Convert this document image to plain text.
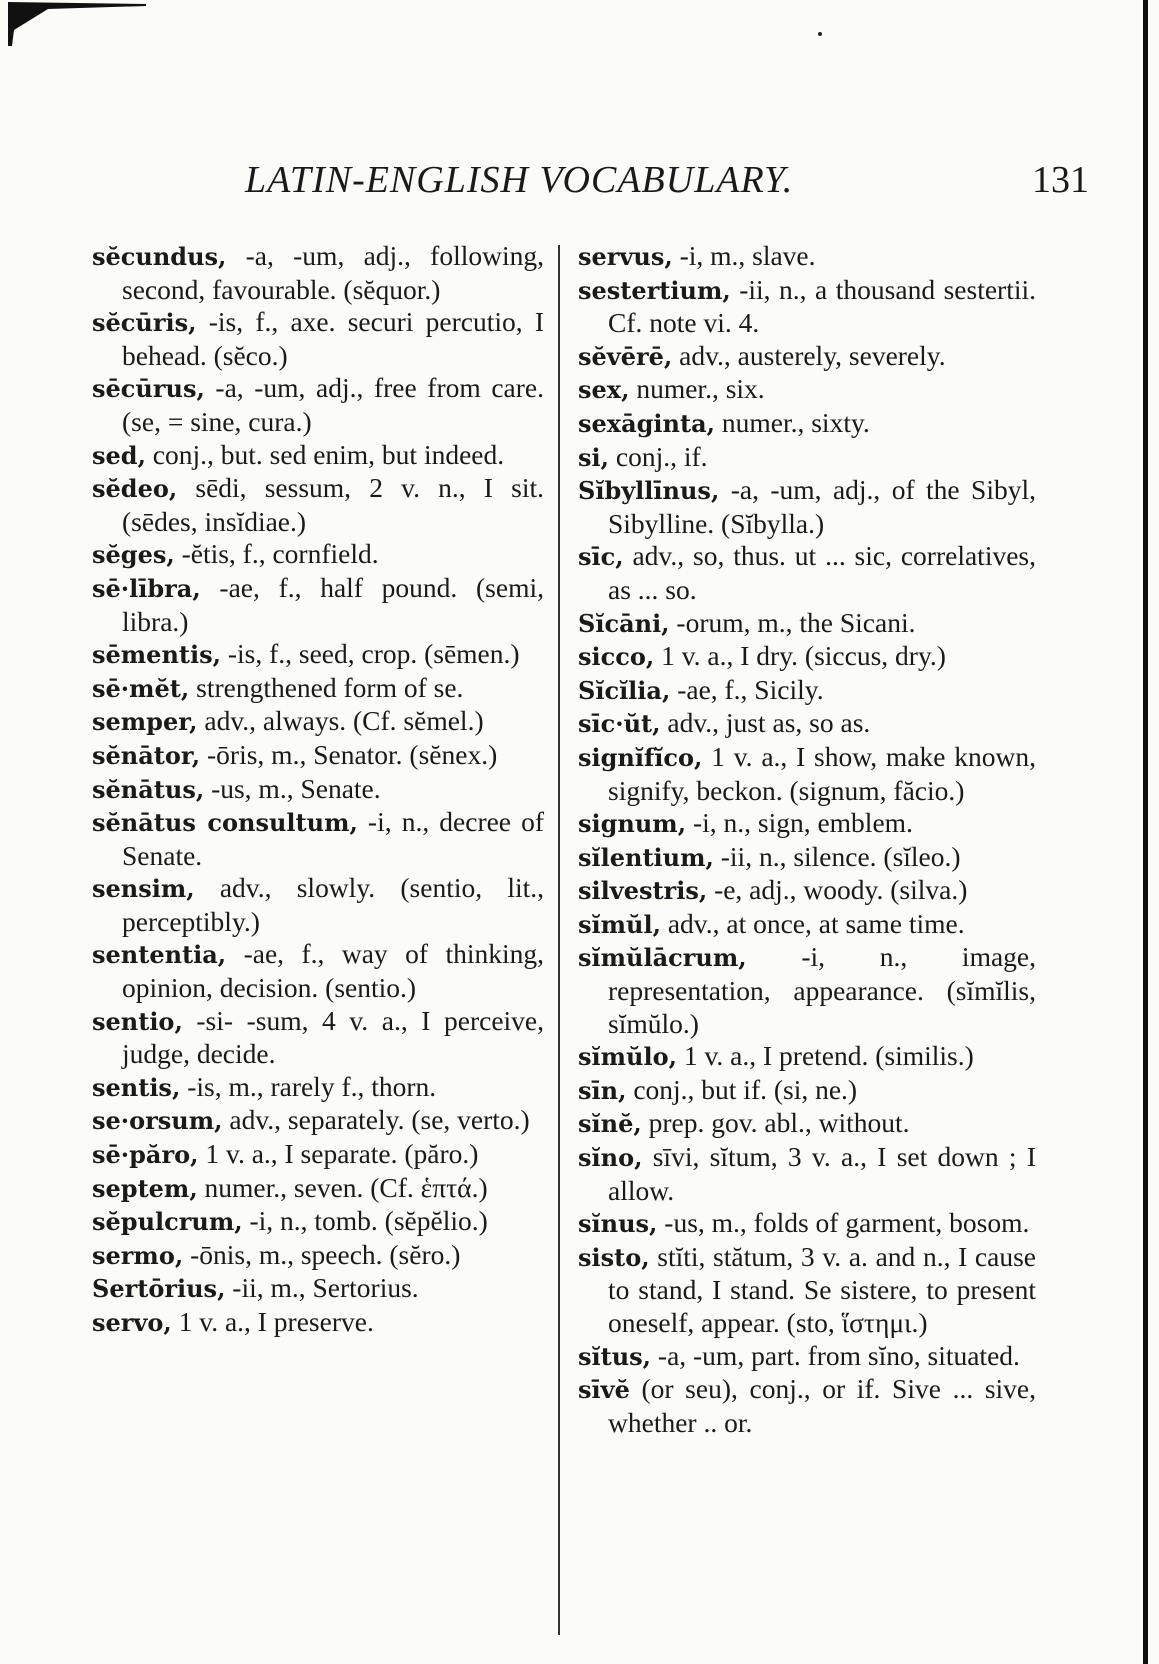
LATIN-ENGLISH VOCABULARY.	131

sĕcundus, -a, -um, adj., following, second, favourable. (sĕquor.)

sĕcūris, -is, f., axe. securi percutio, I behead. (sĕco.)

sēcūrus, -a, -um, adj., free from care. (se, = sine, cura.)

sed, conj., but. sed enim, but indeed.

sĕdeo, sēdi, sessum, 2 v. n., I sit. (sēdes, insĭdiae.)

sĕges, -ĕtis, f., cornfield.

sē·lībra, -ae, f., half pound. (semi, libra.)

sēmentis, -is, f., seed, crop. (sēmen.)

sē·mĕt, strengthened form of se.

semper, adv., always. (Cf. sĕmel.)

sĕnātor, -ōris, m., Senator. (sĕnex.)

sĕnātus, -us, m., Senate.

sĕnātus consultum, -i, n., decree of Senate.

sensim, adv., slowly. (sentio, lit., perceptibly.)

sententia, -ae, f., way of thinking, opinion, decision. (sentio.)

sentio, -si- -sum, 4 v. a., I perceive, judge, decide.

sentis, -is, m., rarely f., thorn.

se·orsum, adv., separately. (se, verto.)

sē·păro, 1 v. a., I separate. (păro.)

septem, numer., seven. (Cf. ἑπτά.)

sĕpulcrum, -i, n., tomb. (sĕpĕlio.)

sermo, -ōnis, m., speech. (sĕro.)

Sertōrius, -ii, m., Sertorius.

servo, 1 v. a., I preserve.

servus, -i, m., slave.

sestertium, -ii, n., a thousand sestertii. Cf. note vi. 4.

sĕvērē, adv., austerely, severely.

sex, numer., six.

sexāginta, numer., sixty.

si, conj., if.

Sĭbyllīnus, -a, -um, adj., of the Sibyl, Sibylline. (Sĭbylla.)

sīc, adv., so, thus. ut ... sic, correlatives, as ... so.

Sĭcāni, -orum, m., the Sicani.

sicco, 1 v. a., I dry. (siccus, dry.)

Sĭcĭlia, -ae, f., Sicily.

sīc·ŭt, adv., just as, so as.

signĭfĭco, 1 v. a., I show, make known, signify, beckon. (signum, făcio.)

signum, -i, n., sign, emblem.

sĭlentium, -ii, n., silence. (sĭleo.)

silvestris, -e, adj., woody. (silva.)

sĭmŭl, adv., at once, at same time.

sĭmŭlācrum, -i, n., image, representation, appearance. (sĭmĭlis, sĭmŭlo.)

sĭmŭlo, 1 v. a., I pretend. (similis.)

sīn, conj., but if. (si, ne.)

sĭnĕ, prep. gov. abl., without.

sĭno, sīvi, sĭtum, 3 v. a., I set down ; I allow.

sĭnus, -us, m., folds of garment, bosom.

sisto, stĭti, stătum, 3 v. a. and n., I cause to stand, I stand. Se sistere, to present oneself, appear. (sto, ἵστημι.)

sĭtus, -a, -um, part. from sĭno, situated.

sīvĕ (or seu), conj., or if. Sive ... sive, whether .. or.
